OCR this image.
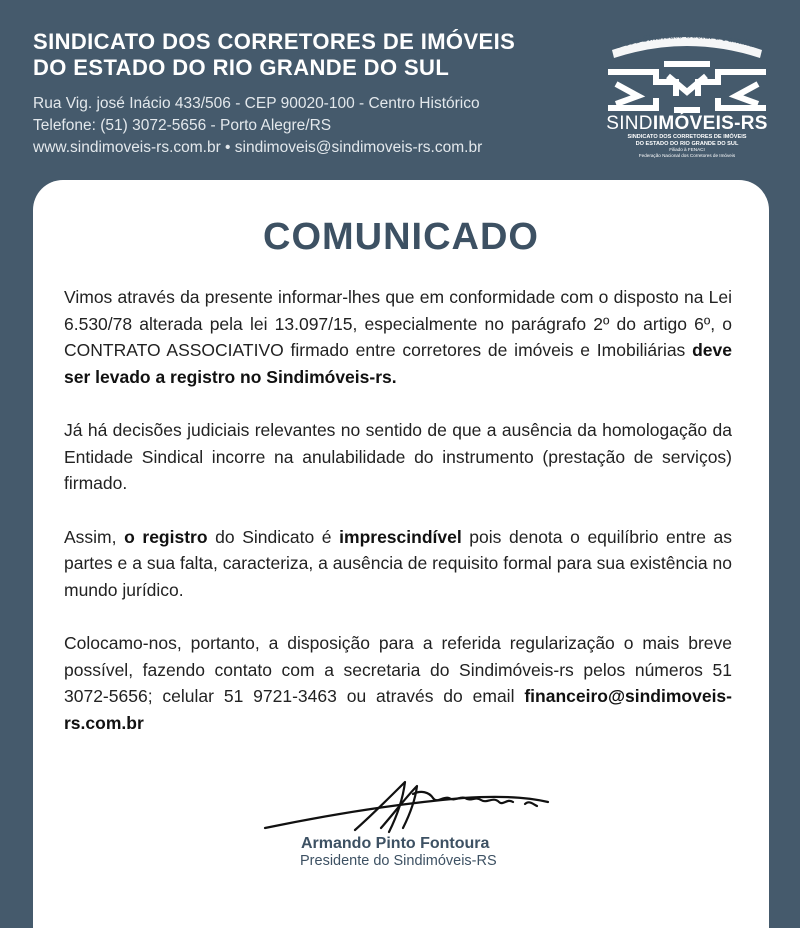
SINDICATO DOS CORRETORES DE IMÓVEIS
DO ESTADO DO RIO GRANDE DO SUL
Rua Vig. josé Inácio 433/506 - CEP 90020-100 - Centro Histórico
Telefone: (51) 3072-5656 - Porto Alegre/RS
www.sindimoveis-rs.com.br • sindimoveis@sindimoveis-rs.com.br
O seu Sindicato Social e Familiar
SINDIMÓVEIS-RS
SINDICATO DOS CORRETORES DE IMÓVEIS
DO ESTADO DO RIO GRANDE DO SUL
Filiado à FENACI
Federação Nacional dos Corretores de Imóveis
COMUNICADO

Vimos através da presente informar-lhes que em conformidade com o disposto na Lei 6.530/78 alterada pela lei 13.097/15, especialmente no parágrafo 2º do artigo 6º, o CONTRATO ASSOCIATIVO firmado entre corretores de imóveis e Imobiliárias deve ser levado a registro no Sindimóveis-rs.

Já há decisões judiciais relevantes no sentido de que a ausência da homologação da Entidade Sindical incorre na anulabilidade do instrumento (prestação de serviços) firmado.

Assim, o registro do Sindicato é imprescindível pois denota o equilíbrio entre as partes e a sua falta, caracteriza, a ausência de requisito formal para sua existência no mundo jurídico.

Colocamo-nos, portanto, a disposição para a referida regularização o mais breve possível, fazendo contato com a secretaria do Sindimóveis-rs pelos números 51 3072-5656; celular 51 9721-3463 ou através do email financeiro@sindimoveis-rs.com.br

Armando Pinto Fontoura
Presidente do Sindimóveis-RS
